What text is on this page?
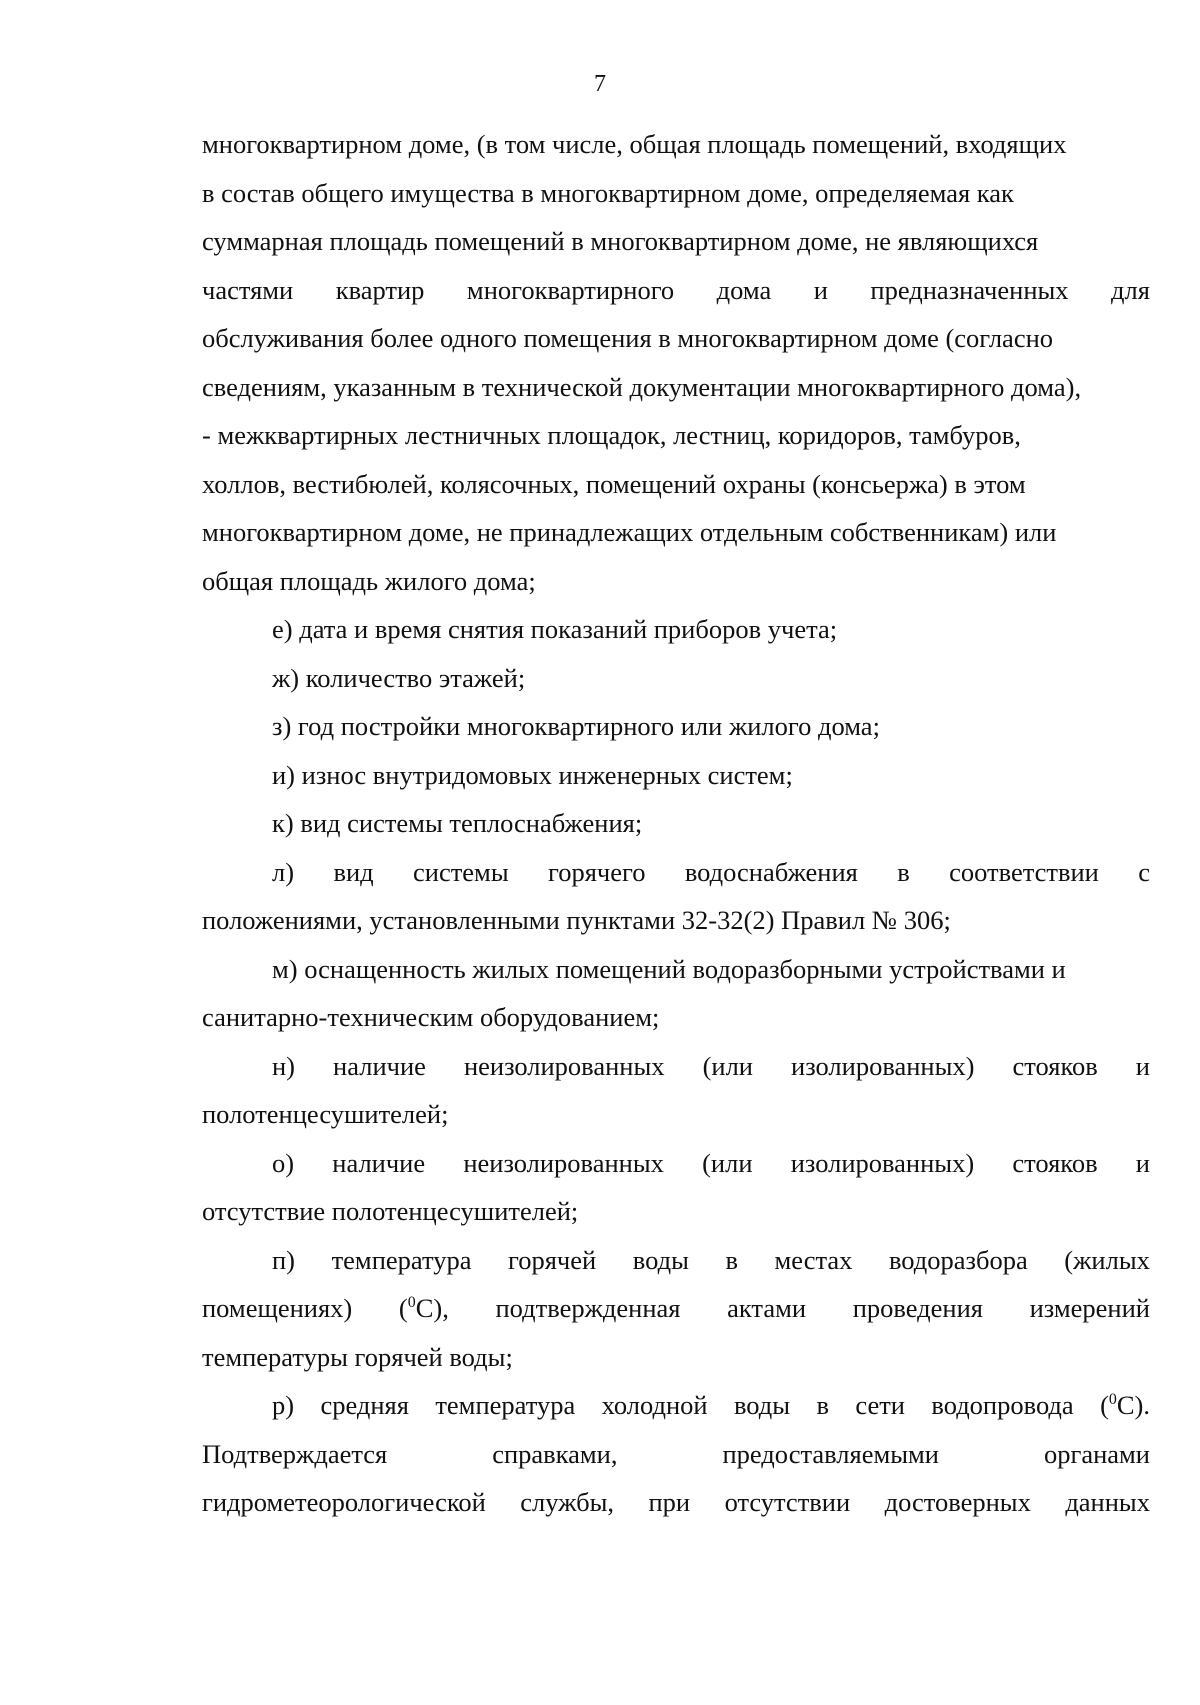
7
многоквартирном доме, (в том числе, общая площадь помещений, входящих
в состав общего имущества в многоквартирном доме, определяемая как
суммарная площадь помещений в многоквартирном доме, не являющихся
частями квартир многоквартирного дома и предназначенных для
обслуживания более одного помещения в многоквартирном доме (согласно
сведениям, указанным в технической документации многоквартирного дома),
- межквартирных лестничных площадок, лестниц, коридоров, тамбуров,
холлов, вестибюлей, колясочных, помещений охраны (консьержа) в этом
многоквартирном доме, не принадлежащих отдельным собственникам) или
общая площадь жилого дома;
е) дата и время снятия показаний приборов учета;
ж) количество этажей;
з) год постройки многоквартирного или жилого дома;
и) износ внутридомовых инженерных систем;
к) вид системы теплоснабжения;
л) вид системы горячего водоснабжения в соответствии с
положениями, установленными пунктами 32-32(2) Правил № 306;
м) оснащенность жилых помещений водоразборными устройствами и
санитарно-техническим оборудованием;
н) наличие неизолированных (или изолированных) стояков и
полотенцесушителей;
о) наличие неизолированных (или изолированных) стояков и
отсутствие полотенцесушителей;
п) температура горячей воды в местах водоразбора (жилых
помещениях) ($^0$С), подтвержденная актами проведения измерений
температуры горячей воды;
р) средняя температура холодной воды в сети водопровода ($^0$С).
Подтверждается	справками,	предоставляемыми	органами
гидрометеорологической службы, при отсутствии достоверных данных
